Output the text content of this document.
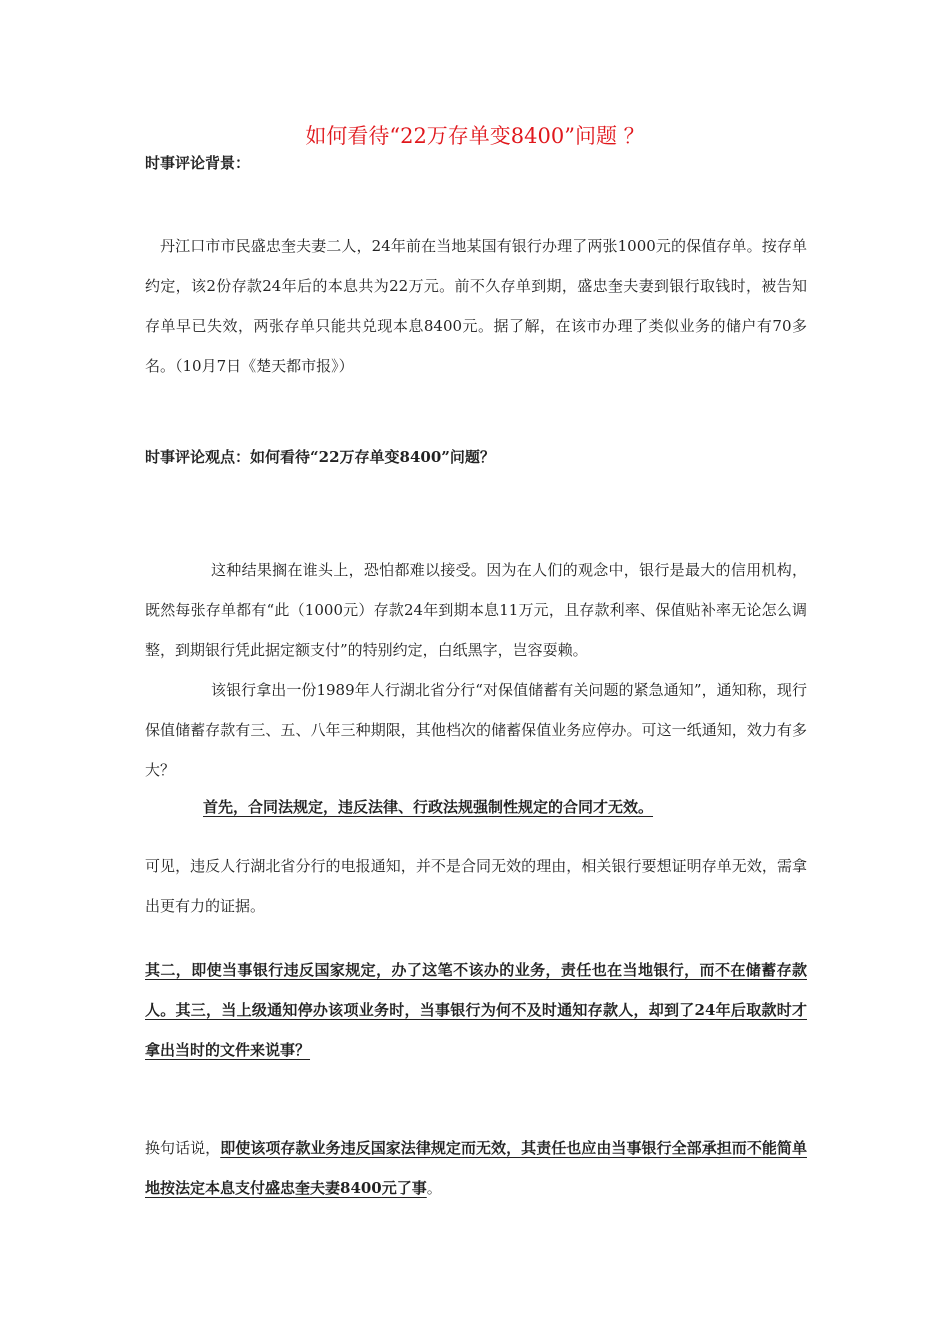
如何看待“22万存单变8400”问题 ？
时事评论背景：
丹江口市市民盛忠奎夫妻二人，24年前在当地某国有银行办理了两张1000元的保值存单。按存单约定，该2份存款24年后的本息共为22万元。前不久存单到期，盛忠奎夫妻到银行取钱时，被告知存单早已失效，两张存单只能共兑现本息8400元。据了解，在该市办理了类似业务的储户有70多名。（10月7日《楚天都市报》）
时事评论观点：如何看待“22万存单变8400”问题？
这种结果搁在谁头上，恐怕都难以接受。因为在人们的观念中，银行是最大的信用机构，既然每张存单都有“此（1000元）存款24年到期本息11万元，且存款利率、保值贴补率无论怎么调整，到期银行凭此据定额支付”的特别约定，白纸黑字，岂容耍赖。
该银行拿出一份1989年人行湖北省分行“对保值储蓄有关问题的紧急通知”，通知称，现行保值储蓄存款有三、五、八年三种期限，其他档次的储蓄保值业务应停办。可这一纸通知，效力有多大？
首先，合同法规定，违反法律、行政法规强制性规定的合同才无效。
可见，违反人行湖北省分行的电报通知，并不是合同无效的理由，相关银行要想证明存单无效，需拿出更有力的证据。
其二，即使当事银行违反国家规定，办了这笔不该办的业务，责任也在当地银行，而不在储蓄存款人。其三，当上级通知停办该项业务时，当事银行为何不及时通知存款人，却到了24年后取款时才拿出当时的文件来说事？
换句话说，即使该项存款业务违反国家法律规定而无效，其责任也应由当事银行全部承担而不能简单地按法定本息支付盛忠奎夫妻8400元了事。
